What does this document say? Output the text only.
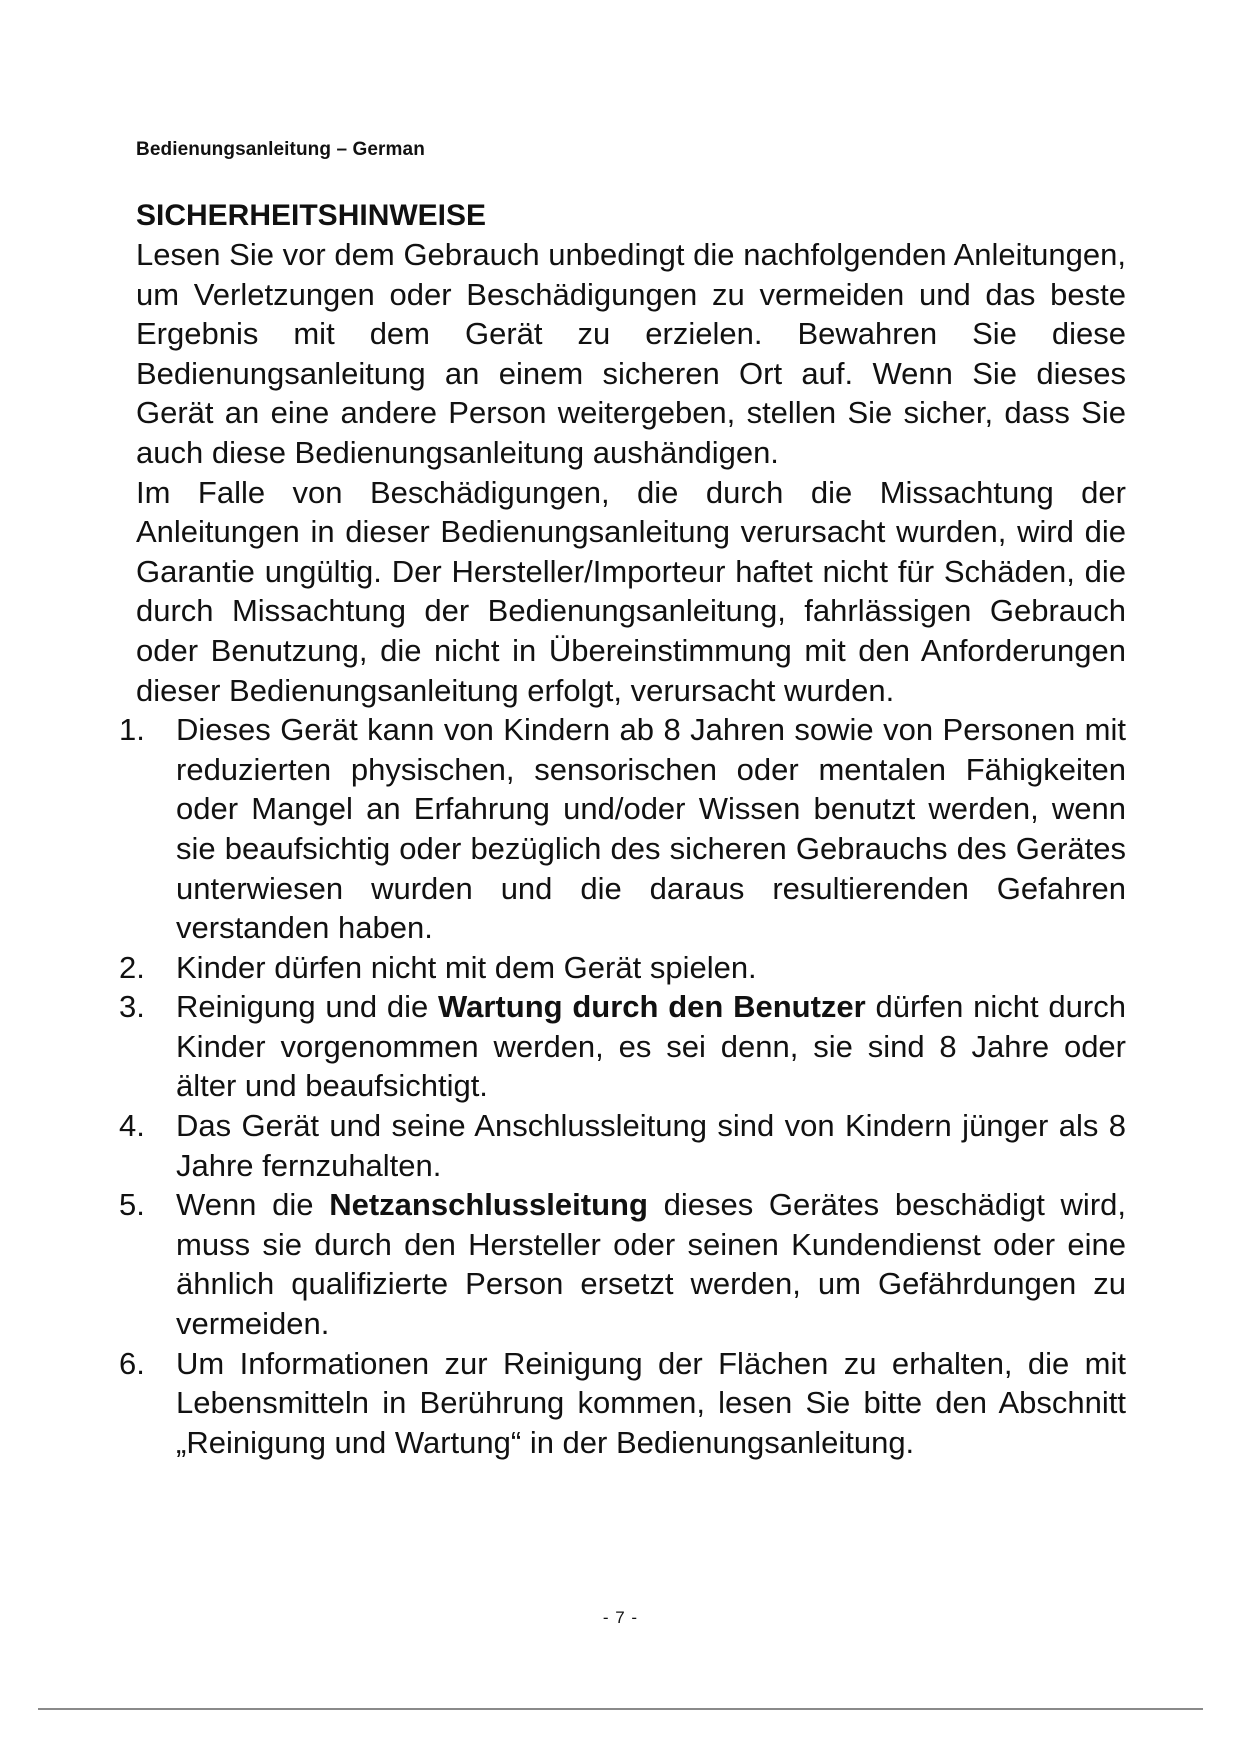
Bedienungsanleitung – German
SICHERHEITSHINWEISE

Lesen Sie vor dem Gebrauch unbedingt die nachfolgenden Anleitungen, um Verletzungen oder Beschädigungen zu vermeiden und das beste Ergebnis mit dem Gerät zu erzielen. Bewahren Sie diese Bedienungsanleitung an einem sicheren Ort auf. Wenn Sie dieses Gerät an eine andere Person weitergeben, stellen Sie sicher, dass Sie auch diese Bedienungsanleitung aushändigen.

Im Falle von Beschädigungen, die durch die Missachtung der Anleitungen in dieser Bedienungsanleitung verursacht wurden, wird die Garantie ungültig. Der Hersteller/Importeur haftet nicht für Schäden, die durch Missachtung der Bedienungsanleitung, fahrlässigen Gebrauch oder Benutzung, die nicht in Übereinstimmung mit den Anforderungen dieser Bedienungsanleitung erfolgt, verursacht wurden.

1.	Dieses Gerät kann von Kindern ab 8 Jahren sowie von Personen mit reduzierten physischen, sensorischen oder mentalen Fähigkeiten oder Mangel an Erfahrung und/oder Wissen benutzt werden, wenn sie beaufsichtig oder bezüglich des sicheren Gebrauchs des Gerätes unterwiesen wurden und die daraus resultierenden Gefahren verstanden haben.
2.	Kinder dürfen nicht mit dem Gerät spielen.
3.	Reinigung und die Wartung durch den Benutzer dürfen nicht durch Kinder vorgenommen werden, es sei denn, sie sind 8 Jahre oder älter und beaufsichtigt.
4.	Das Gerät und seine Anschlussleitung sind von Kindern jünger als 8 Jahre fernzuhalten.
5.	Wenn die Netzanschlussleitung dieses Gerätes beschädigt wird, muss sie durch den Hersteller oder seinen Kundendienst oder eine ähnlich qualifizierte Person ersetzt werden, um Gefährdungen zu vermeiden.
6.	Um Informationen zur Reinigung der Flächen zu erhalten, die mit Lebensmitteln in Berührung kommen, lesen Sie bitte den Abschnitt „Reinigung und Wartung“ in der Bedienungsanleitung.
- 7 -
